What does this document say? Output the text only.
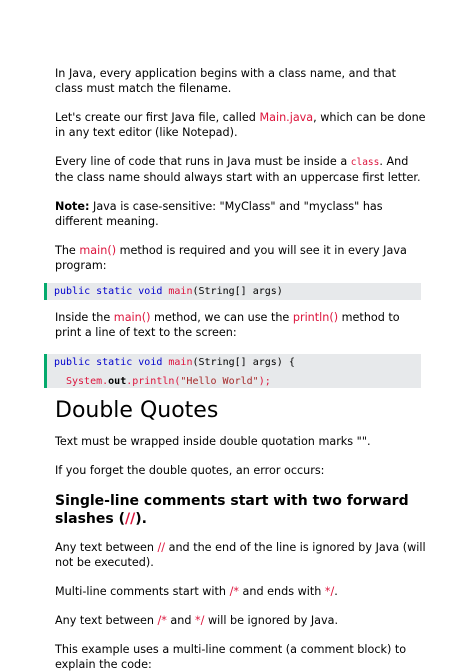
In Java, every application begins with a class name, and that class must match the filename.

Let's create our first Java file, called Main.java, which can be done in any text editor (like Notepad).

Every line of code that runs in Java must be inside a class. And the class name should always start with an uppercase first letter.

Note: Java is case-sensitive: "MyClass" and "myclass" has different meaning.

The main() method is required and you will see it in every Java program:

public static void main(String[] args)

Inside the main() method, we can use the println() method to print a line of text to the screen:

public static void main(String[] args) {
System.out.println("Hello World");
Double Quotes

Text must be wrapped inside double quotation marks "".

If you forget the double quotes, an error occurs:

Single-line comments start with two forward slashes (//).

Any text between // and the end of the line is ignored by Java (will not be executed).

Multi-line comments start with /* and ends with */.

Any text between /* and */ will be ignored by Java.

This example uses a multi-line comment (a comment block) to explain the code:
